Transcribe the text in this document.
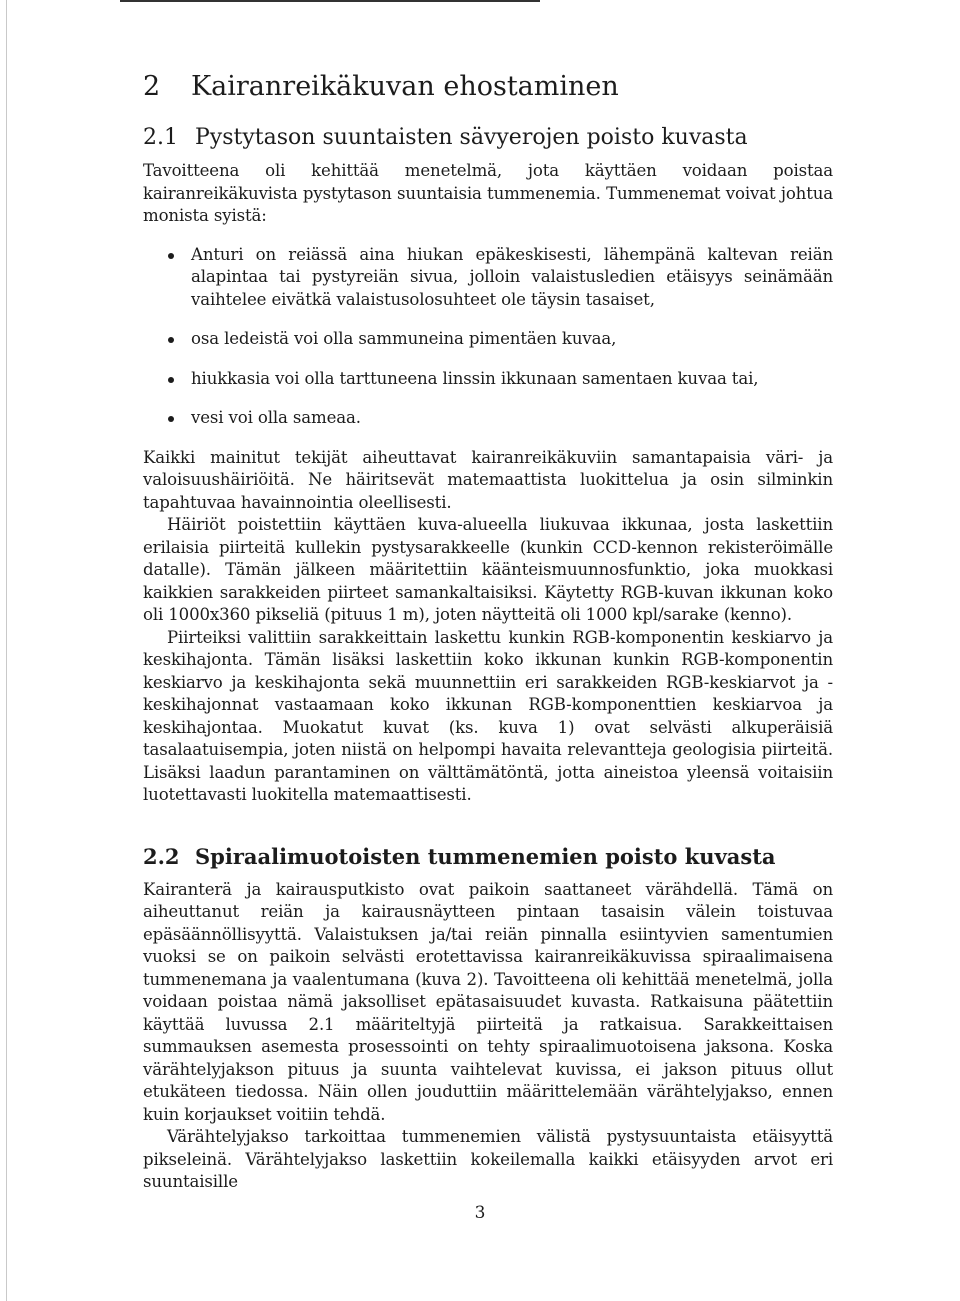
2 Kairanreikäkuvan ehostaminen
2.1 Pystytason suuntaisten sävyerojen poisto kuvasta

Tavoitteena oli kehittää menetelmä, jota käyttäen voidaan poistaa kairanreikäkuvista pystytason suuntaisia tummenemia. Tummenemat voivat johtua monista syistä:

Anturi on reiässä aina hiukan epäkeskisesti, lähempänä kaltevan reiän alapintaa tai pystyreiän sivua, jolloin valaistusledien etäisyys seinämään vaihtelee eivätkä valaistusolosuhteet ole täysin tasaiset,
osa ledeistä voi olla sammuneina pimentäen kuvaa,
hiukkasia voi olla tarttuneena linssin ikkunaan samentaen kuvaa tai,
vesi voi olla sameaa.

Kaikki mainitut tekijät aiheuttavat kairanreikäkuviin samantapaisia väri- ja valoisuushäiriöitä. Ne häiritsevät matemaattista luokittelua ja osin silminkin tapahtuvaa havainnointia oleellisesti.

Häiriöt poistettiin käyttäen kuva-alueella liukuvaa ikkunaa, josta laskettiin erilaisia piirteitä kullekin pystysarakkeelle (kunkin CCD-kennon rekisteröimälle datalle). Tämän jälkeen määritettiin käänteismuunnosfunktio, joka muokkasi kaikkien sarakkeiden piirteet samankaltaisiksi. Käytetty RGB-kuvan ikkunan koko oli 1000x360 pikseliä (pituus 1 m), joten näytteitä oli 1000 kpl/sarake (kenno).

Piirteiksi valittiin sarakkeittain laskettu kunkin RGB-komponentin keskiarvo ja keskihajonta. Tämän lisäksi laskettiin koko ikkunan kunkin RGB-komponentin keskiarvo ja keskihajonta sekä muunnettiin eri sarakkeiden RGB-keskiarvot ja -keskihajonnat vastaamaan koko ikkunan RGB-komponenttien keskiarvoa ja keskihajontaa. Muokatut kuvat (ks. kuva 1) ovat selvästi alkuperäisiä tasalaatuisempia, joten niistä on helpompi havaita relevantteja geologisia piirteitä. Lisäksi laadun parantaminen on välttämätöntä, jotta aineistoa yleensä voitaisiin luotettavasti luokitella matemaattisesti.

2.2 Spiraalimuotoisten tummenemien poisto kuvasta

Kairanterä ja kairausputkisto ovat paikoin saattaneet värähdellä. Tämä on aiheuttanut reiän ja kairausnäytteen pintaan tasaisin välein toistuvaa epäsäännöllisyyttä. Valaistuksen ja/tai reiän pinnalla esiintyvien samentumien vuoksi se on paikoin selvästi erotettavissa kairanreikäkuvissa spiraalimaisena tummenemana ja vaalentumana (kuva 2). Tavoitteena oli kehittää menetelmä, jolla voidaan poistaa nämä jaksolliset epätasaisuudet kuvasta. Ratkaisuna päätettiin käyttää luvussa 2.1 määriteltyjä piirteitä ja ratkaisua. Sarakkeittaisen summauksen asemesta prosessointi on tehty spiraalimuotoisena jaksona. Koska värähtelyjakson pituus ja suunta vaihtelevat kuvissa, ei jakson pituus ollut etukäteen tiedossa. Näin ollen jouduttiin määrittelemään värähtelyjakso, ennen kuin korjaukset voitiin tehdä.

Värähtelyjakso tarkoittaa tummenemien välistä pystysuuntaista etäisyyttä pikseleinä. Värähtelyjakso laskettiin kokeilemalla kaikki etäisyyden arvot eri suuntaisille

3
